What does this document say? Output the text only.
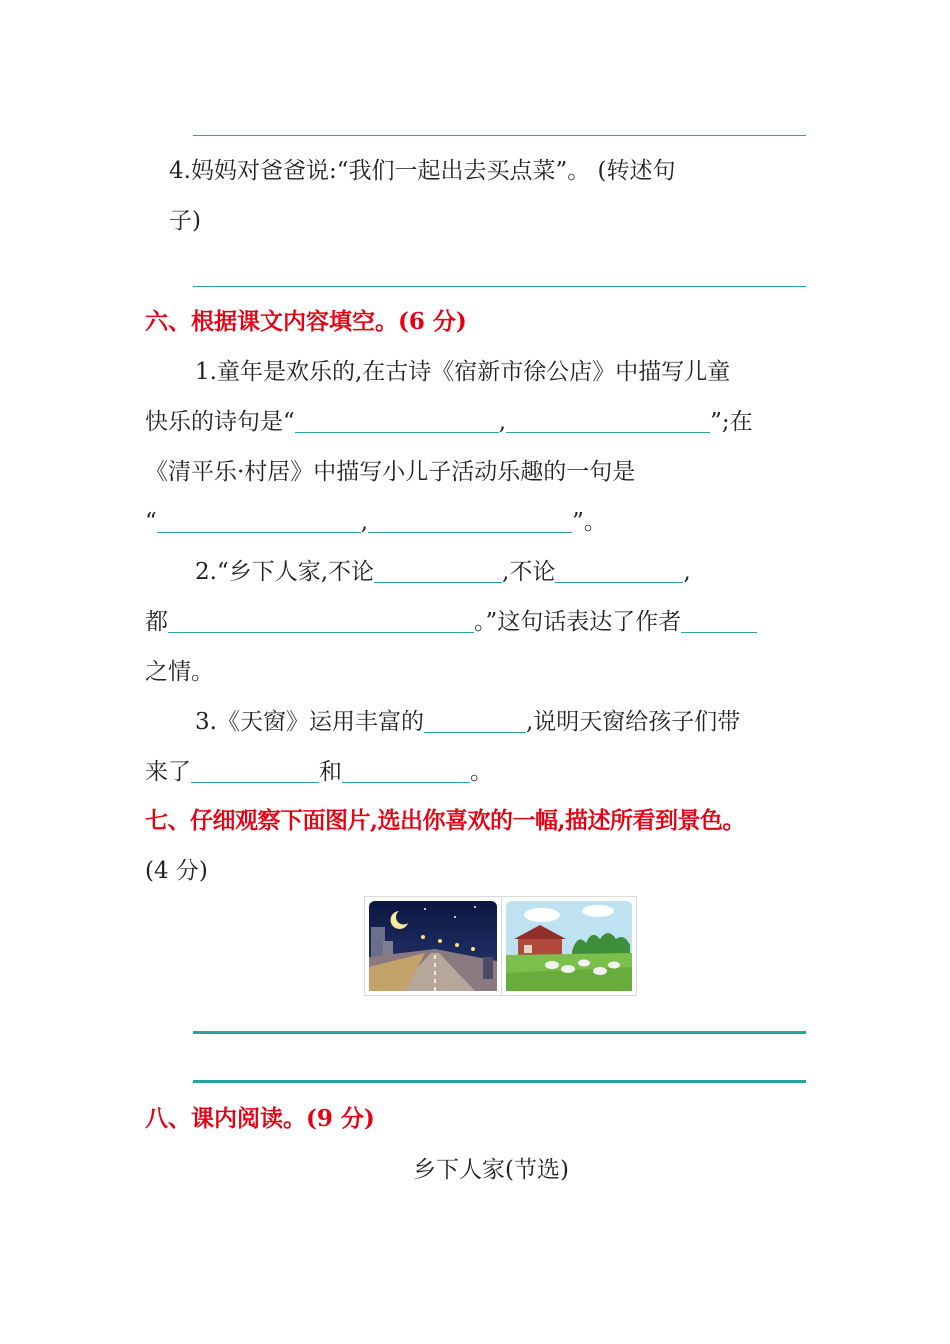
4.妈妈对爸爸说:“我们一起出去买点菜”。 (转述句
子)
六、根据课文内容填空。(6 分)
1.童年是欢乐的,在古诗《宿新市徐公店》中描写儿童
快乐的诗句是“	,	”;在
《清平乐·村居》中描写小儿子活动乐趣的一句是
“	,	”。
2.“乡下人家,不论	,不论	,
都	。”这句话表达了作者
之情。
3.《天窗》运用丰富的	,说明天窗给孩子们带
来了	和	。
七、仔细观察下面图片,选出你喜欢的一幅,描述所看到景色。
(4 分)
八、课内阅读。(9 分)
乡下人家(节选)
